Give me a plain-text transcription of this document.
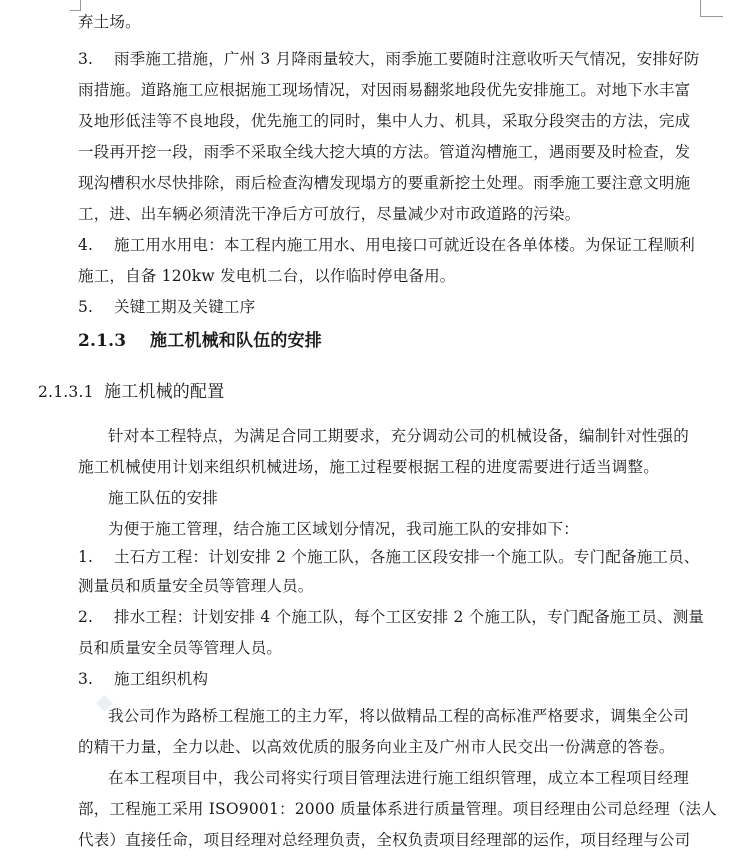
弃土场。
3. 雨季施工措施，广州 3 月降雨量较大，雨季施工要随时注意收听天气情况，安排好防
雨措施。道路施工应根据施工现场情况，对因雨易翻浆地段优先安排施工。对地下水丰富
及地形低洼等不良地段，优先施工的同时，集中人力、机具，采取分段突击的方法，完成
一段再开挖一段，雨季不采取全线大挖大填的方法。管道沟槽施工，遇雨要及时检查，发
现沟槽积水尽快排除，雨后检查沟槽发现塌方的要重新挖土处理。雨季施工要注意文明施
工，进、出车辆必须清洗干净后方可放行，尽量减少对市政道路的污染。
4. 施工用水用电：本工程内施工用水、用电接口可就近设在各单体楼。为保证工程顺利
施工，自备 120kw 发电机二台，以作临时停电备用。
5. 关键工期及关键工序
2.1.3 施工机械和队伍的安排
2.1.3.1 施工机械的配置
针对本工程特点，为满足合同工期要求，充分调动公司的机械设备，编制针对性强的
施工机械使用计划来组织机械进场，施工过程要根据工程的进度需要进行适当调整。
施工队伍的安排
为便于施工管理，结合施工区域划分情况，我司施工队的安排如下：
1. 土石方工程：计划安排 2 个施工队，各施工区段安排一个施工队。专门配备施工员、
测量员和质量安全员等管理人员。
2. 排水工程：计划安排 4 个施工队，每个工区安排 2 个施工队，专门配备施工员、测量
员和质量安全员等管理人员。
3. 施工组织机构
我公司作为路桥工程施工的主力军，将以做精品工程的高标准严格要求，调集全公司
的精干力量，全力以赴、以高效优质的服务向业主及广州市人民交出一份满意的答卷。
在本工程项目中，我公司将实行项目管理法进行施工组织管理，成立本工程项目经理
部，工程施工采用 ISO9001：2000 质量体系进行质量管理。项目经理由公司总经理（法人
代表）直接任命，项目经理对总经理负责，全权负责项目经理部的运作，项目经理与公司
◆
